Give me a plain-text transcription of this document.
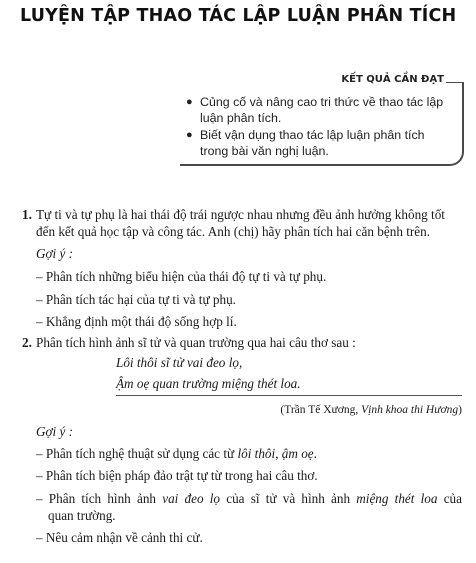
LUYỆN TẬP THAO TÁC LẬP LUẬN PHÂN TÍCH
KẾT QUẢ CẦN ĐẠT
● Củng cố và nâng cao tri thức về thao tác lập luận phân tích.
● Biết vận dụng thao tác lập luận phân tích trong bài văn nghị luận.
1. Tự ti và tự phụ là hai thái độ trái ngược nhau nhưng đều ảnh hưởng không tốt
đến kết quả học tập và công tác. Anh (chị) hãy phân tích hai căn bệnh trên.
Gợi ý :
– Phân tích những biểu hiện của thái độ tự ti và tự phụ.
– Phân tích tác hại của tự ti và tự phụ.
– Khẳng định một thái độ sống hợp lí.
2. Phân tích hình ảnh sĩ tử và quan trường qua hai câu thơ sau :
Lôi thôi sĩ tử vai đeo lọ,
Ậm oẹ quan trường miệng thét loa.
(Trần Tế Xương, Vịnh khoa thi Hương)
Gợi ý :
– Phân tích nghệ thuật sử dụng các từ lôi thôi, ậm oẹ.
– Phân tích biện pháp đảo trật tự từ trong hai câu thơ.
– Phân tích hình ảnh vai đeo lọ của sĩ tử và hình ảnh miệng thét loa của
quan trường.
– Nêu cảm nhận về cảnh thi cử.
